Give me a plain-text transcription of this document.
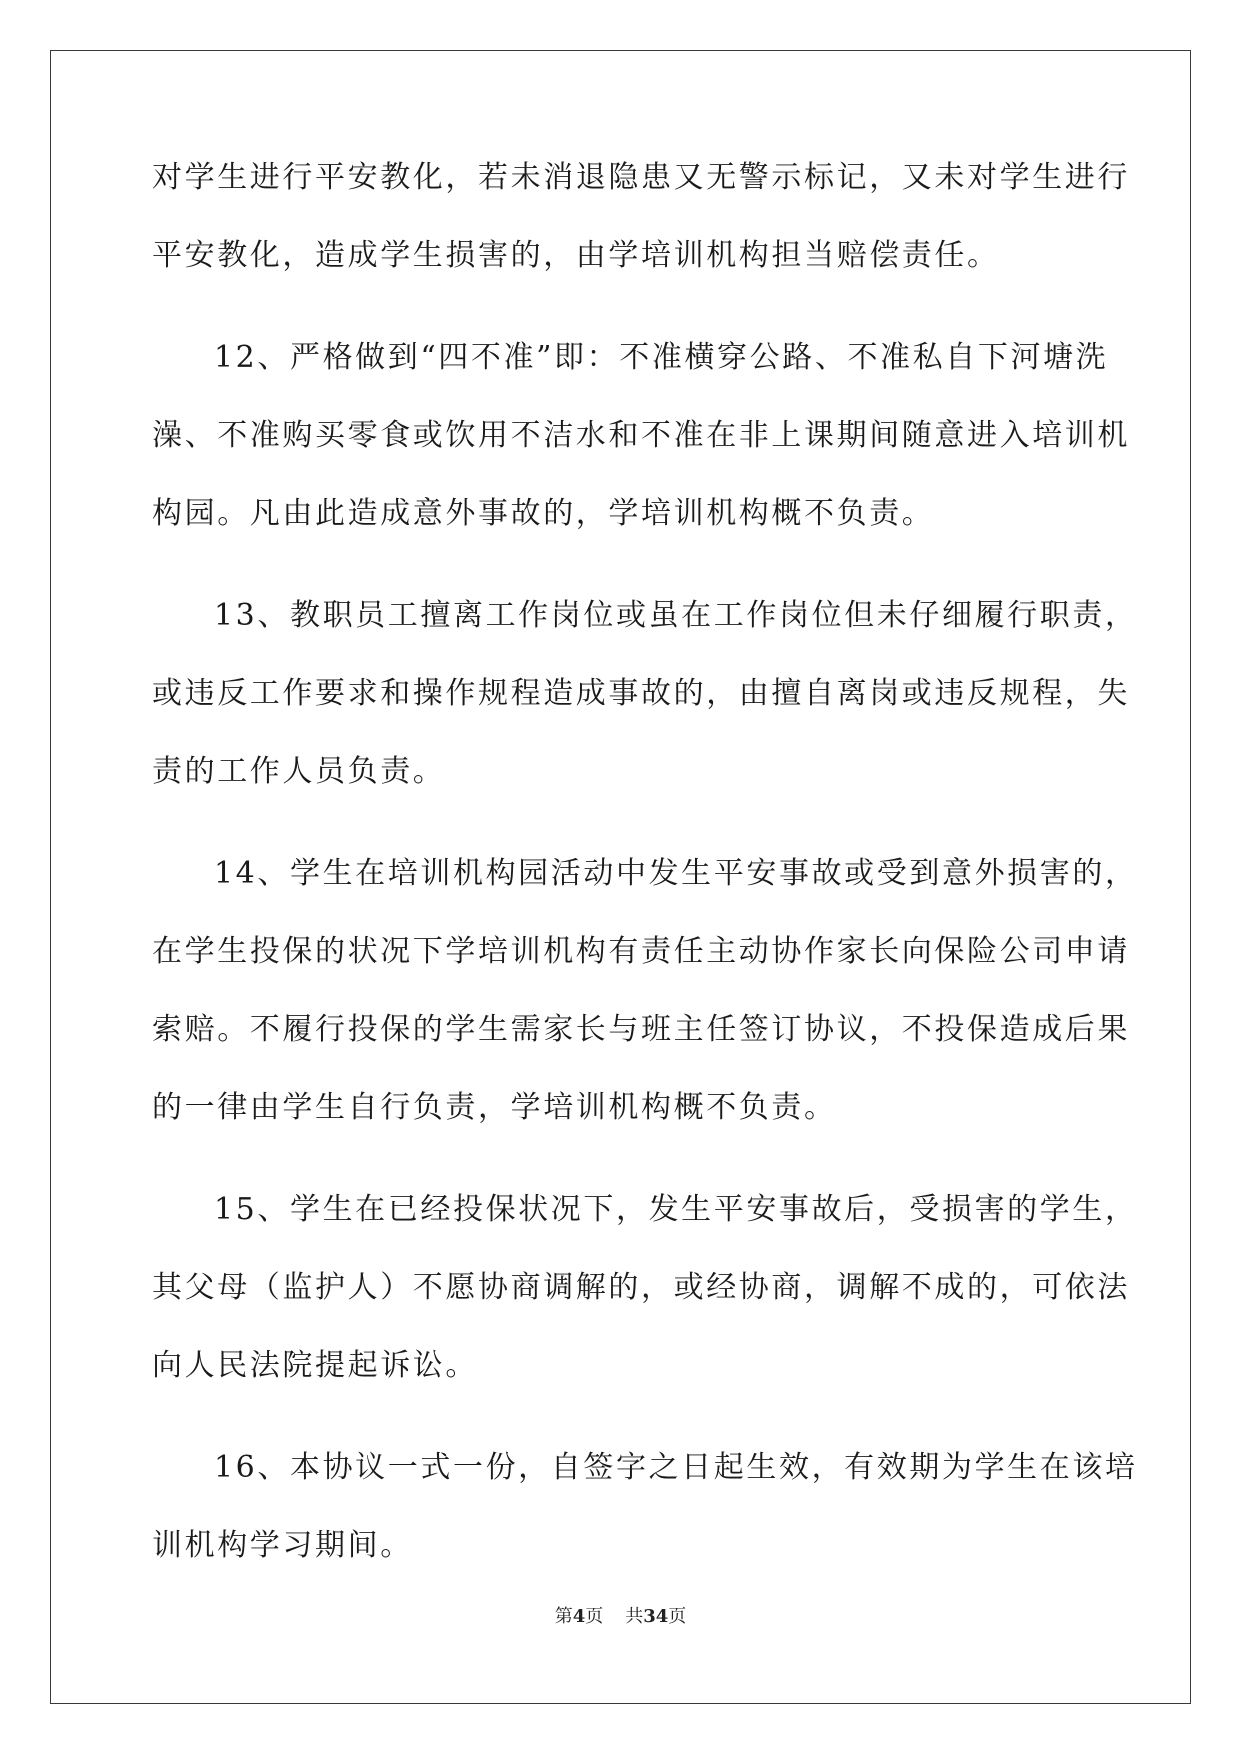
对学生进行平安教化，若未消退隐患又无警示标记，又未对学生进行
平安教化，造成学生损害的，由学培训机构担当赔偿责任。
12、严格做到“四不准”即：不准横穿公路、不准私自下河塘洗
澡、不准购买零食或饮用不洁水和不准在非上课期间随意进入培训机
构园。凡由此造成意外事故的，学培训机构概不负责。
13、教职员工擅离工作岗位或虽在工作岗位但未仔细履行职责，
或违反工作要求和操作规程造成事故的，由擅自离岗或违反规程，失
责的工作人员负责。
14、学生在培训机构园活动中发生平安事故或受到意外损害的，
在学生投保的状况下学培训机构有责任主动协作家长向保险公司申请
索赔。不履行投保的学生需家长与班主任签订协议，不投保造成后果
的一律由学生自行负责，学培训机构概不负责。
15、学生在已经投保状况下，发生平安事故后，受损害的学生，
其父母（监护人）不愿协商调解的，或经协商，调解不成的，可依法
向人民法院提起诉讼。
16、本协议一式一份，自签字之日起生效，有效期为学生在该培
训机构学习期间。
第4页 共34页
